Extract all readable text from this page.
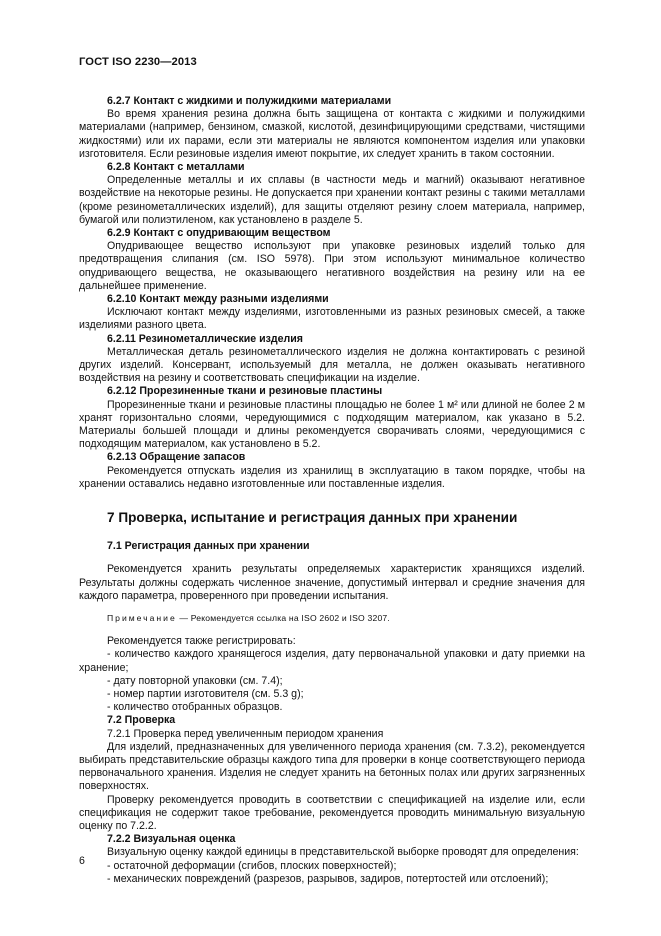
ГОСТ ISO 2230—2013

6.2.7 Контакт с жидкими и полужидкими материалами

Во время хранения резина должна быть защищена от контакта с жидкими и полужидкими материалами (например, бензином, смазкой, кислотой, дезинфицирующими средствами, чистящими жидкостями) или их парами, если эти материалы не являются компонентом изделия или упаковки изготовителя. Если резиновые изделия имеют покрытие, их следует хранить в таком состоянии.

6.2.8 Контакт с металлами

Определенные металлы и их сплавы (в частности медь и магний) оказывают негативное воздействие на некоторые резины. Не допускается при хранении контакт резины с такими металлами (кроме резинометаллических изделий), для защиты отделяют резину слоем материала, например, бумагой или полиэтиленом, как установлено в разделе 5.

6.2.9 Контакт с опудривающим веществом

Опудривающее вещество используют при упаковке резиновых изделий только для предотвращения слипания (см. ISO 5978). При этом используют минимальное количество опудривающего вещества, не оказывающего негативного воздействия на резину или на ее дальнейшее применение.

6.2.10 Контакт между разными изделиями

Исключают контакт между изделиями, изготовленными из разных резиновых смесей, а также изделиями разного цвета.

6.2.11 Резинометаллические изделия

Металлическая деталь резинометаллического изделия не должна контактировать с резиной других изделий. Консервант, используемый для металла, не должен оказывать негативного воздействия на резину и соответствовать спецификации на изделие.

6.2.12 Прорезиненные ткани и резиновые пластины

Прорезиненные ткани и резиновые пластины площадью не более 1 м² или длиной не более 2 м хранят горизонтально слоями, чередующимися с подходящим материалом, как указано в 5.2. Материалы большей площади и длины рекомендуется сворачивать слоями, чередующимися с подходящим материалом, как установлено в 5.2.

6.2.13 Обращение запасов

Рекомендуется отпускать изделия из хранилищ в эксплуатацию в таком порядке, чтобы на хранении оставались недавно изготовленные или поставленные изделия.

7 Проверка, испытание и регистрация данных при хранении

7.1 Регистрация данных при хранении

Рекомендуется хранить результаты определяемых характеристик хранящихся изделий. Результаты должны содержать численное значение, допустимый интервал и средние значения для каждого параметра, проверенного при проведении испытания.

Примечание — Рекомендуется ссылка на ISO 2602 и ISO 3207.

Рекомендуется также регистрировать:

- количество каждого хранящегося изделия, дату первоначальной упаковки и дату приемки на хранение;

- дату повторной упаковки (см. 7.4);

- номер партии изготовителя (см. 5.3 g);

- количество отобранных образцов.

7.2 Проверка

7.2.1 Проверка перед увеличенным периодом хранения

Для изделий, предназначенных для увеличенного периода хранения (см. 7.3.2), рекомендуется выбирать представительские образцы каждого типа для проверки в конце соответствующего периода первоначального хранения. Изделия не следует хранить на бетонных полах или других загрязненных поверхностях.

Проверку рекомендуется проводить в соответствии с спецификацией на изделие или, если спецификация не содержит такое требование, рекомендуется проводить минимальную визуальную оценку по 7.2.2.

7.2.2 Визуальная оценка

Визуальную оценку каждой единицы в представительской выборке проводят для определения:

- остаточной деформации (сгибов, плоских поверхностей);

- механических повреждений (разрезов, разрывов, задиров, потертостей или отслоений);

6
